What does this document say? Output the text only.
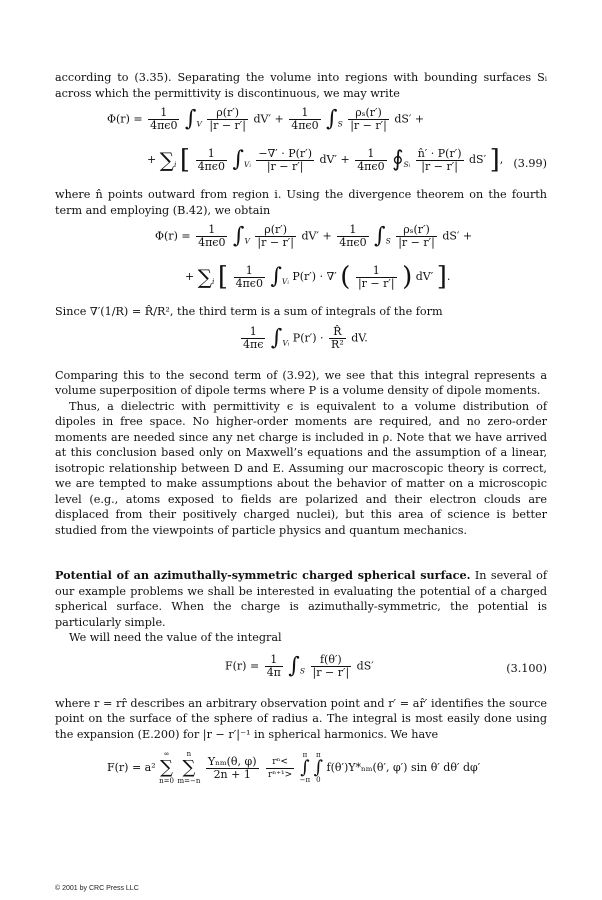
according to (3.35). Separating the volume into regions with bounding surfaces Sᵢ across which the permittivity is discontinuous, we may write

$\Phi(r) = \frac{1}{4\pi\epsilon 0} \int_V \frac{\rho(r')}{|r - r'|} dV' + \frac{1}{4\pi\epsilon 0} \int_S \frac{\text{ρₛ(r′)}}{|r - r'|} dS'$ +
+ $\sum_i$ [ $\frac{1}{4\pi\epsilon 0} \int_{Vᵢ} \frac{-\nabla' \cdot P(r')}{|r - r'|} dV' + \frac{1}{4\pi\epsilon 0}$ $∮_{Sᵢ} \frac{n̂' \cdot P(r')}{|r - r'|} dS'$ ], (3.99)

where n̂ points outward from region i. Using the divergence theorem on the fourth term and employing (B.42), we obtain

$\Phi(r) = \frac{1}{4\pi\epsilon 0} \int_V \frac{\rho(r')}{|r - r'|} dV' + \frac{1}{4\pi\epsilon 0} \int_S \frac{\text{ρₛ(r′)}}{|r - r'|} dS'$ +
+ $\sum_i$ [ $\frac{1}{4\pi\epsilon 0} \int_{Vᵢ}$ P(r′) · ∇′ ( $\frac{1}{|r - r'|}$ ) dV′ ].

Since ∇′(1/R) = R̂/R², the third term is a sum of integrals of the form

$\frac{1}{4\pi\epsilon} \int_{Vᵢ}$ $P(r') \cdot \frac{R̂}{\text{R²}}$ dV.

Comparing this to the second term of (3.92), we see that this integral represents a volume superposition of dipole terms where P is a volume density of dipole moments.

Thus, a dielectric with permittivity ϵ is equivalent to a volume distribution of dipoles in free space. No higher-order moments are required, and no zero-order moments are needed since any net charge is included in ρ. Note that we have arrived at this conclusion based only on Maxwell’s equations and the assumption of a linear, isotropic relationship between D and E. Assuming our macroscopic theory is correct, we are tempted to make assumptions about the behavior of matter on a microscopic level (e.g., atoms exposed to fields are polarized and their electron clouds are displaced from their positively charged nuclei), but this area of science is better studied from the viewpoints of particle physics and quantum mechanics.

Potential of an azimuthally-symmetric charged spherical surface. In several of our example problems we shall be interested in evaluating the potential of a charged spherical surface. When the charge is azimuthally-symmetric, the potential is particularly simple.

We will need the value of the integral

$F(r) = \frac{1}{4\pi} \int_S \frac{f(\theta')}{|r - r'|} dS'$	(3.100)

where r = rr̂ describes an arbitrary observation point and r′ = ar̂′ identifies the source point on the surface of the sphere of radius a. The integral is most easily done using the expansion (E.200) for |r − r′|⁻¹ in spherical harmonics. We have

F(r) = a²
∞
∑
n=0

n
∑
m=−n

$\frac{\text{Yₙₘ(θ, φ)}}{2n + 1}$
$\frac{\text{rⁿ<}}{\text{rⁿ⁺¹>}}$

π
∫
−π

π
∫
0
f(θ′)Y*ₙₘ(θ′, φ′) sin θ′ dθ′ dφ′
© 2001 by CRC Press LLC
